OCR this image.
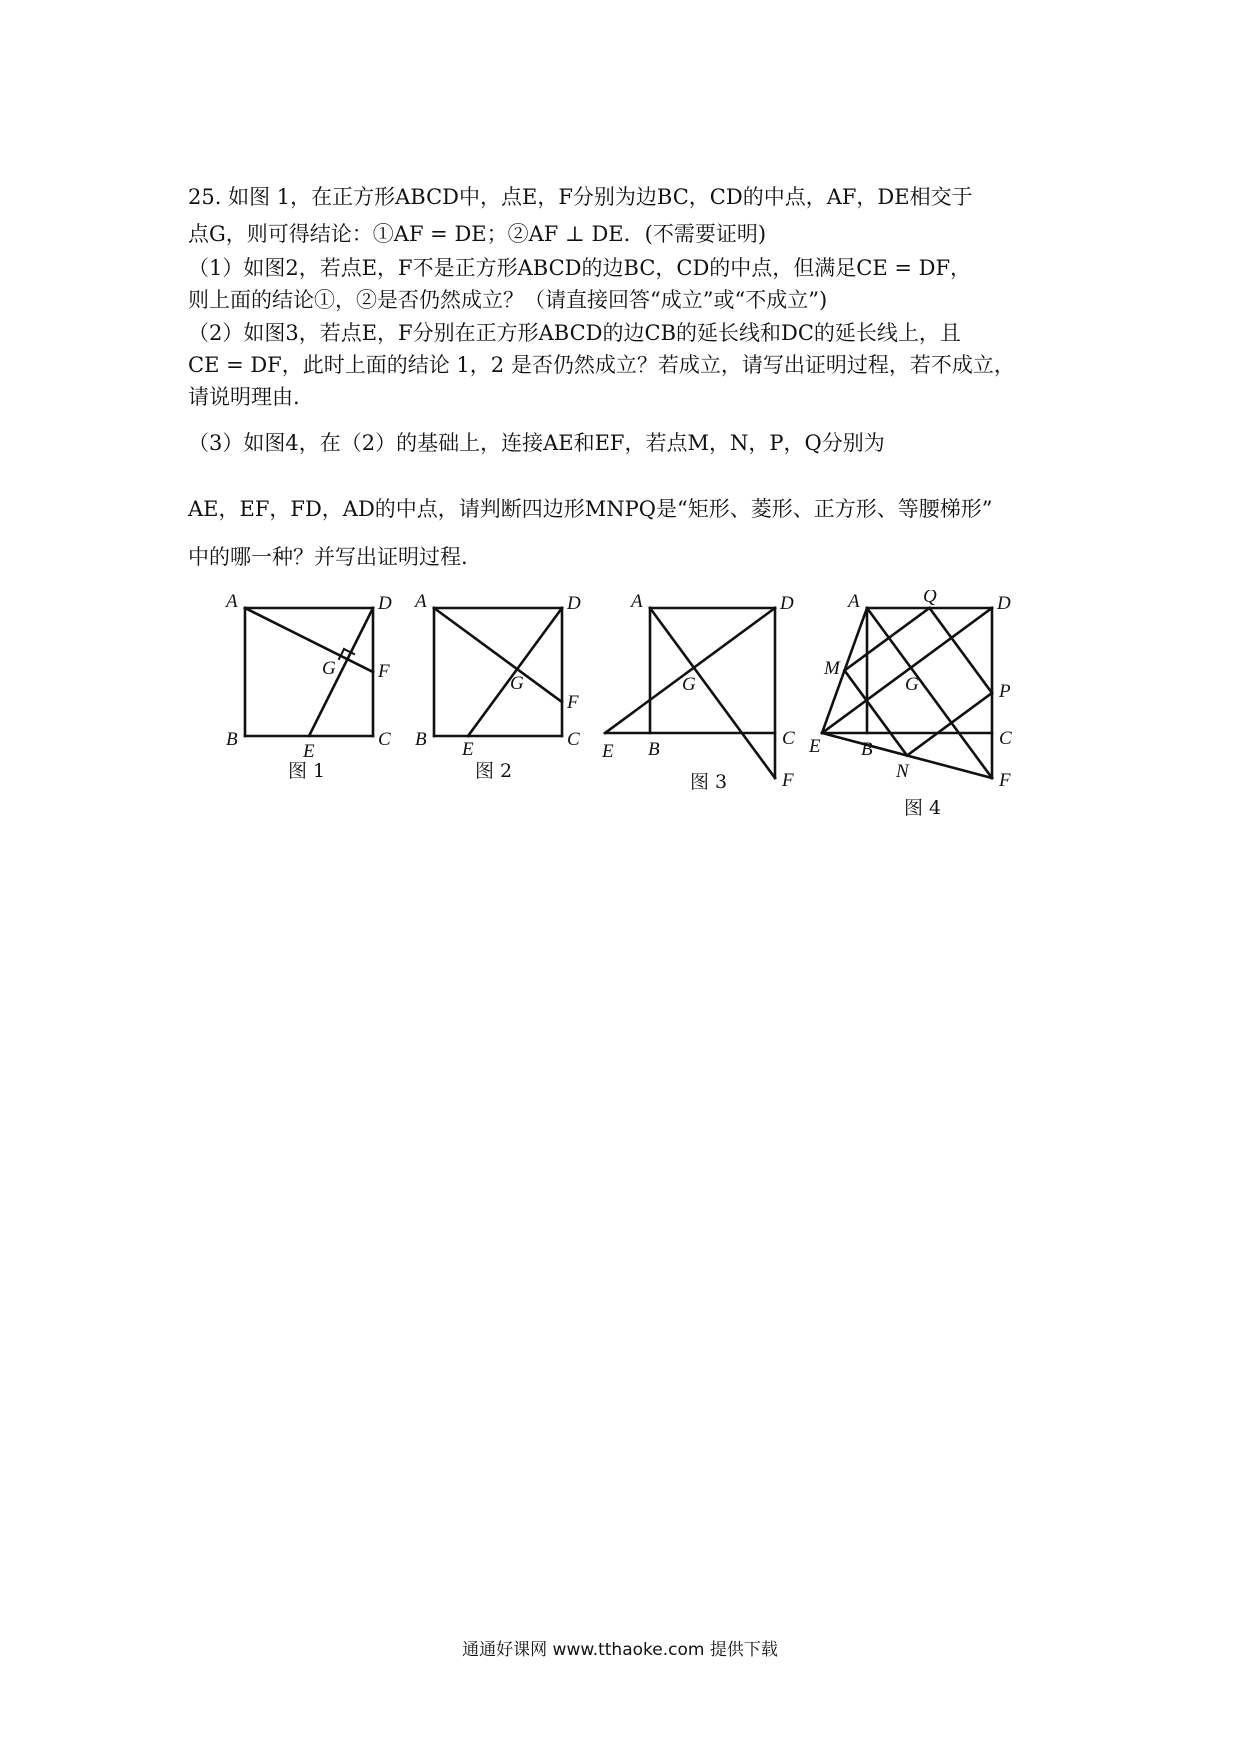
25. 如图 1，在正方形ABCD中，点E，F分别为边BC，CD的中点，AF，DE相交于
点G，则可得结论：①AF = DE；②AF ⊥ DE．(不需要证明)
（1）如图2，若点E，F不是正方形ABCD的边BC，CD的中点，但满足CE = DF，
则上面的结论①，②是否仍然成立？（请直接回答“成立”或“不成立”)
（2）如图3，若点E，F分别在正方形ABCD的边CB的延长线和DC的延长线上，且
CE = DF，此时上面的结论 1，2 是否仍然成立？若成立，请写出证明过程，若不成立，
请说明理由.
（3）如图4，在（2）的基础上，连接AE和EF，若点M，N，P，Q分别为
AE，EF，FD，AD的中点，请判断四边形MNPQ是“矩形、菱形、正方形、等腰梯形”
中的哪一种？并写出证明过程.
A	D
F
G
B
E
C
图 1
A	D
G
F
B E	C
图 2
A	D
G
C
E B
F
图 3
A	Q	D
M
G	P
C
E B
N	F
图 4
通通好课网 www.tthaoke.com 提供下载
